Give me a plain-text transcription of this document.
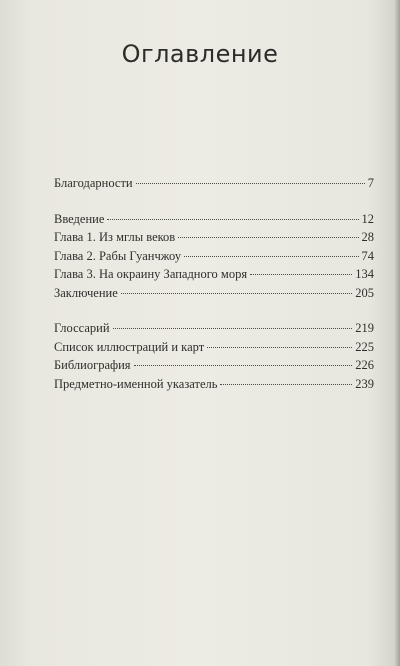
Оглавление
Благодарности	7
Введение	12
Глава 1. Из мглы веков	28
Глава 2. Рабы Гуанчжоу	74
Глава 3. На окраину Западного моря	134
Заключение	205
Глоссарий	219
Список иллюстраций и карт	225
Библиография	226
Предметно-именной указатель	239
